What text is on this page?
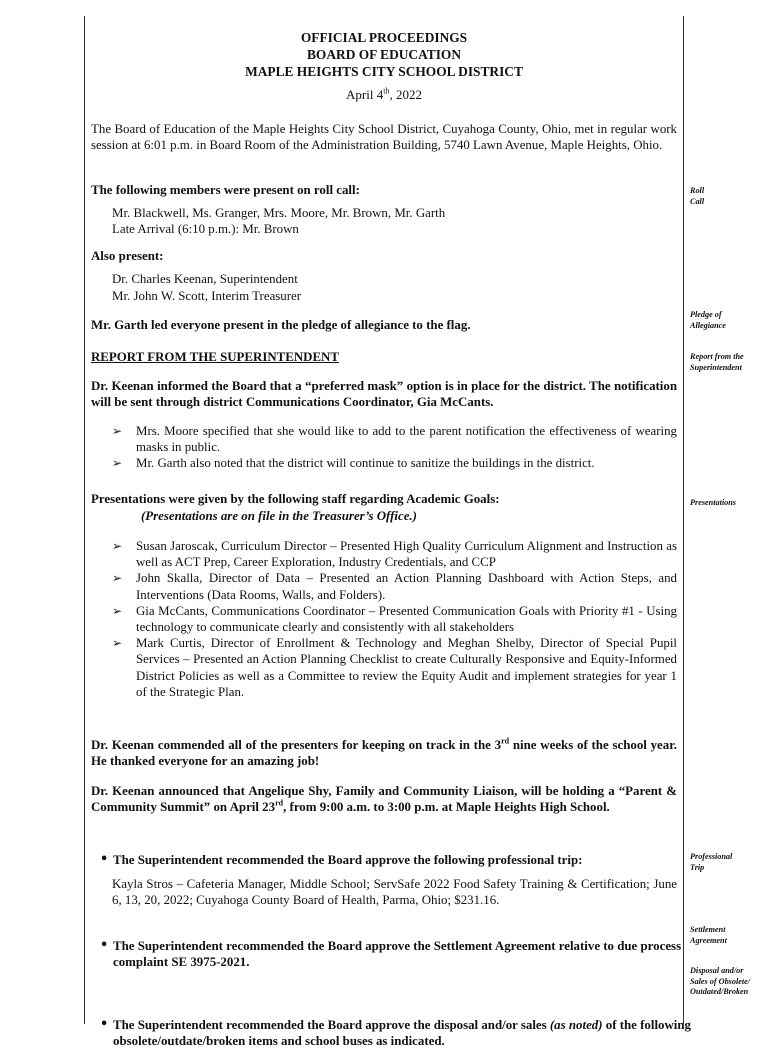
OFFICIAL PROCEEDINGS
BOARD OF EDUCATION
MAPLE HEIGHTS CITY SCHOOL DISTRICT
April 4th, 2022
The Board of Education of the Maple Heights City School District, Cuyahoga County, Ohio, met in regular work session at 6:01 p.m. in Board Room of the Administration Building, 5740 Lawn Avenue, Maple Heights, Ohio.
The following members were present on roll call:
Mr. Blackwell, Ms. Granger, Mrs. Moore, Mr. Brown, Mr. Garth
Late Arrival (6:10 p.m.): Mr. Brown
Also present:
Dr. Charles Keenan, Superintendent
Mr. John W. Scott, Interim Treasurer
Mr. Garth led everyone present in the pledge of allegiance to the flag.
REPORT FROM THE SUPERINTENDENT
Dr. Keenan informed the Board that a “preferred mask” option is in place for the district. The notification will be sent through district Communications Coordinator, Gia McCants.
➢ Mrs. Moore specified that she would like to add to the parent notification the effectiveness of wearing masks in public.
➢ Mr. Garth also noted that the district will continue to sanitize the buildings in the district.
Presentations were given by the following staff regarding Academic Goals:
(Presentations are on file in the Treasurer’s Office.)
➢ Susan Jaroscak, Curriculum Director – Presented High Quality Curriculum Alignment and Instruction as well as ACT Prep, Career Exploration, Industry Credentials, and CCP
➢ John Skalla, Director of Data – Presented an Action Planning Dashboard with Action Steps, and Interventions (Data Rooms, Walls, and Folders).
➢ Gia McCants, Communications Coordinator – Presented Communication Goals with Priority #1 - Using technology to communicate clearly and consistently with all stakeholders
➢ Mark Curtis, Director of Enrollment & Technology and Meghan Shelby, Director of Special Pupil Services – Presented an Action Planning Checklist to create Culturally Responsive and Equity-Informed District Policies as well as a Committee to review the Equity Audit and implement strategies for year 1 of the Strategic Plan.
Dr. Keenan commended all of the presenters for keeping on track in the 3rd nine weeks of the school year. He thanked everyone for an amazing job!
Dr. Keenan announced that Angelique Shy, Family and Community Liaison, will be holding a “Parent & Community Summit” on April 23rd, from 9:00 a.m. to 3:00 p.m. at Maple Heights High School.
• The Superintendent recommended the Board approve the following professional trip:
Kayla Stros – Cafeteria Manager, Middle School; ServSafe 2022 Food Safety Training & Certification; June 6, 13, 20, 2022; Cuyahoga County Board of Health, Parma, Ohio; $231.16.
• The Superintendent recommended the Board approve the Settlement Agreement relative to due process complaint SE 3975-2021.
• The Superintendent recommended the Board approve the disposal and/or sales (as noted) of the following obsolete/outdate/broken items and school buses as indicated.
Roll
Call
Pledge of
Allegiance
Report from the
Superintendent
Presentations
Professional
Trip
Settlement
Agreement
Disposal and/or
Sales of Obsolete/
Outdated/Broken
